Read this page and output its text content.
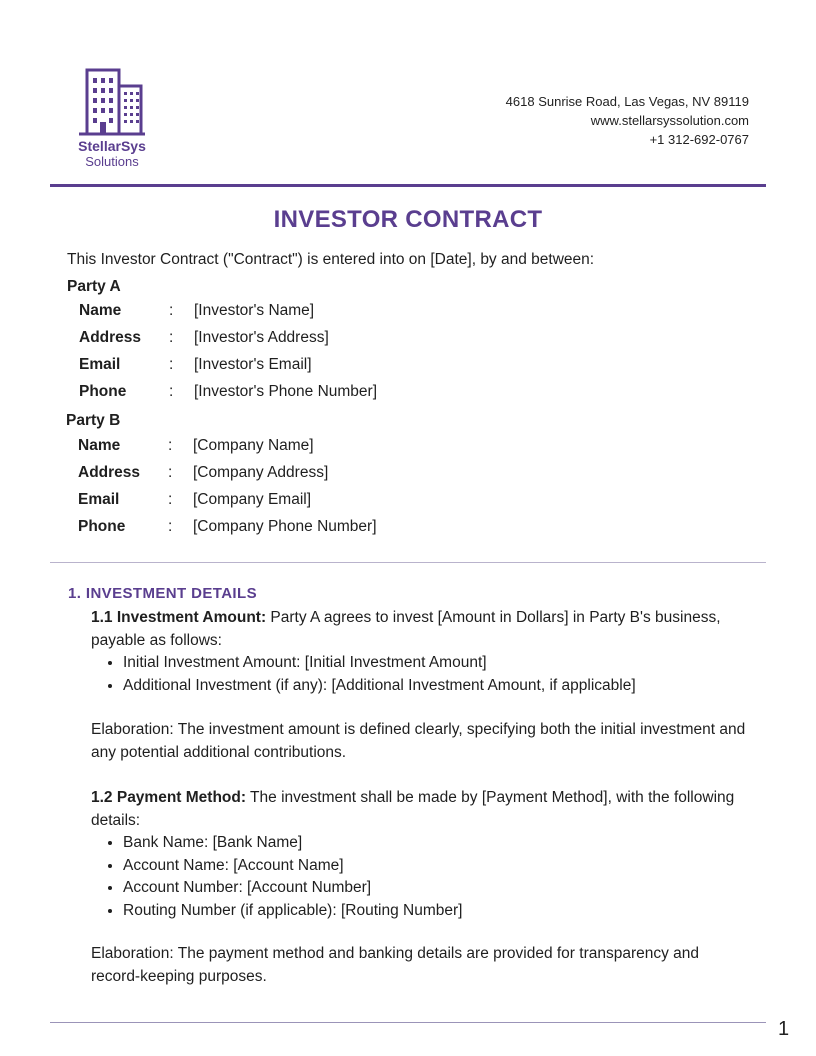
StellarSys
Solutions
4618 Sunrise Road, Las Vegas, NV 89119
www.stellarsyssolution.com
+1 312-692-0767
INVESTOR CONTRACT
This Investor Contract ("Contract") is entered into on [Date], by and between:
Party A
Name	:	[Investor's Name]
Address	:	[Investor's Address]
Email	:	[Investor's Email]
Phone	:	[Investor's Phone Number]
Party B
Name	:	[Company Name]
Address	:	[Company Address]
Email	:	[Company Email]
Phone	:	[Company Phone Number]
1. INVESTMENT DETAILS
1.1 Investment Amount: Party A agrees to invest [Amount in Dollars] in Party B's business, payable as follows:
• Initial Investment Amount: [Initial Investment Amount]
• Additional Investment (if any): [Additional Investment Amount, if applicable]
Elaboration: The investment amount is defined clearly, specifying both the initial investment and any potential additional contributions.
1.2 Payment Method: The investment shall be made by [Payment Method], with the following details:
• Bank Name: [Bank Name]
• Account Name: [Account Name]
• Account Number: [Account Number]
• Routing Number (if applicable): [Routing Number]
Elaboration: The payment method and banking details are provided for transparency and record-keeping purposes.
1
